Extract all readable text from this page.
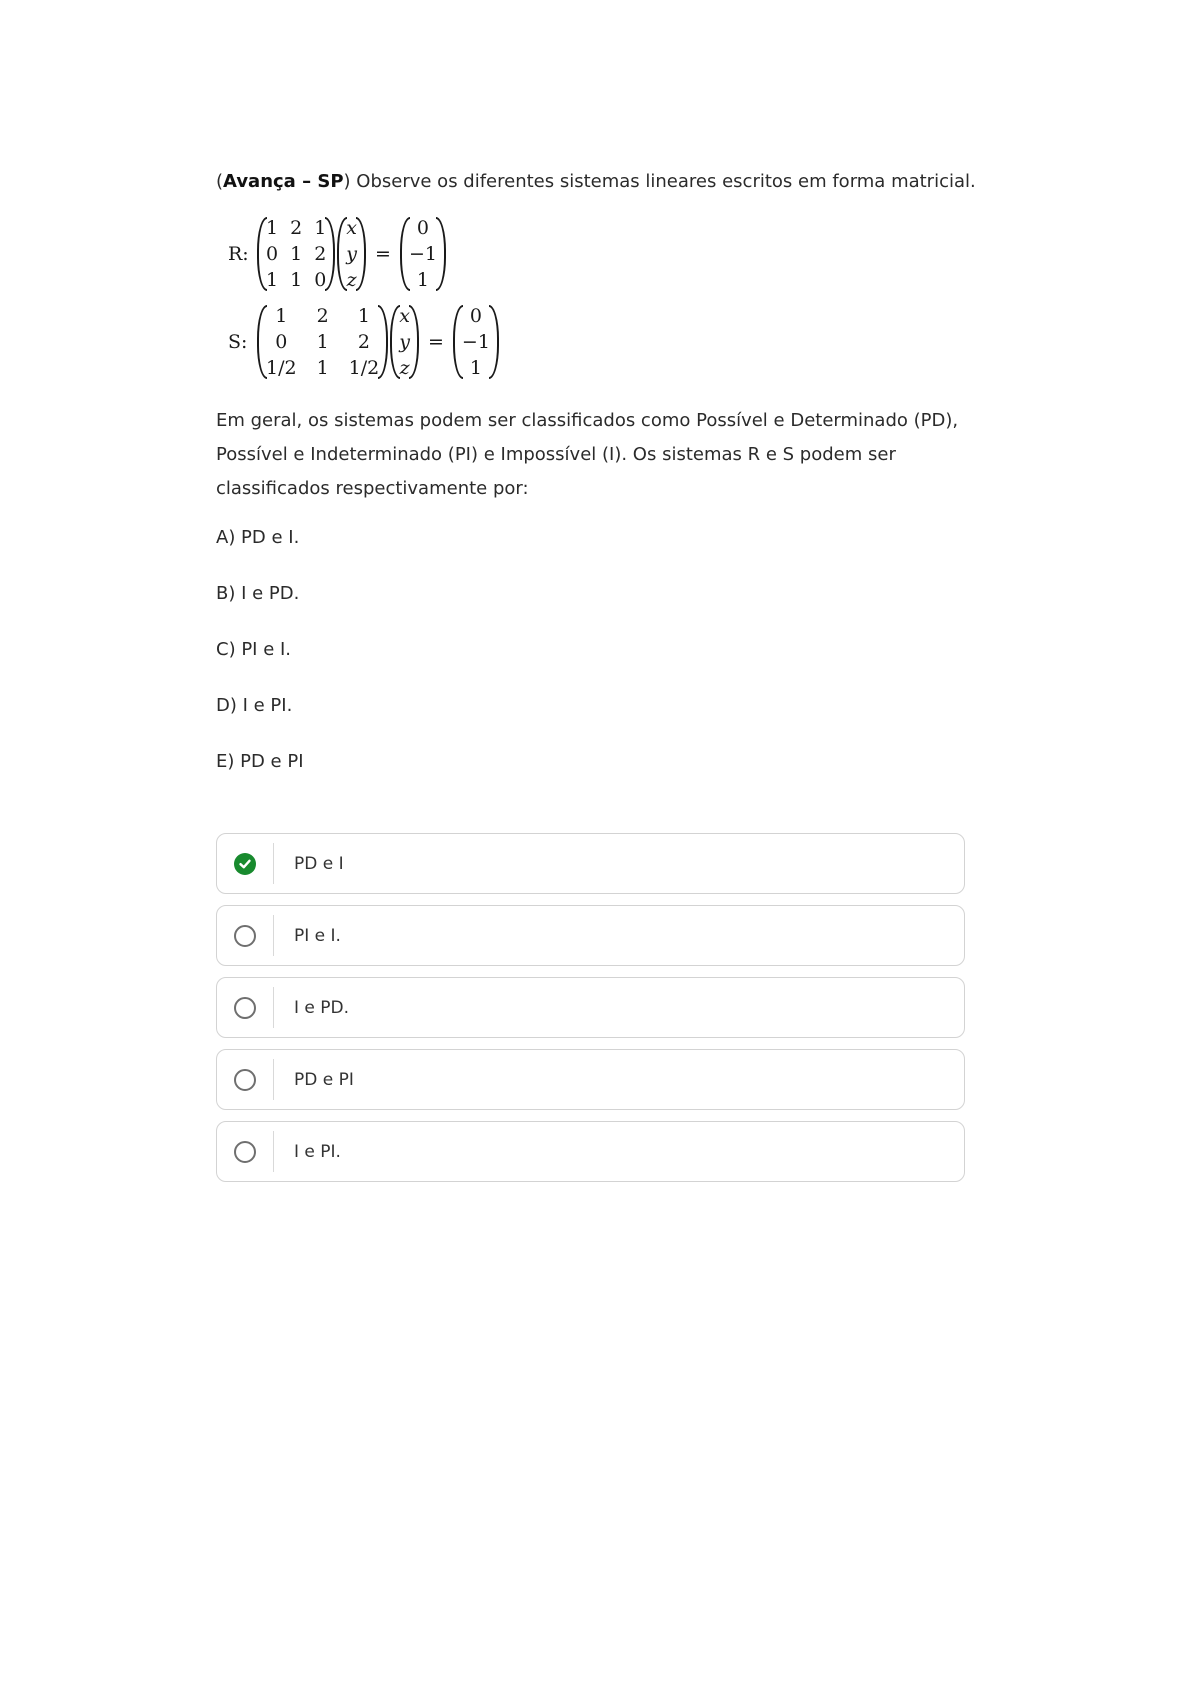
(Avança – SP) Observe os diferentes sistemas lineares escritos em forma matricial.

R:
1 2 1
0 1 2
1 1 0
x
y
z
=
0
−1
1
S:
1	2	1
0	1	2
1/2 1 1/2
x
y
z
=
0
−1
1
Em geral, os sistemas podem ser classificados como Possível e Determinado (PD), Possível e Indeterminado (PI) e Impossível (I). Os sistemas R e S podem ser classificados respectivamente por:
A) PD e I.
B) I e PD.
C) PI e I.
D) I e PI.
E) PD e PI
PD e I
PI e I.
I e PD.
PD e PI
I e PI.
